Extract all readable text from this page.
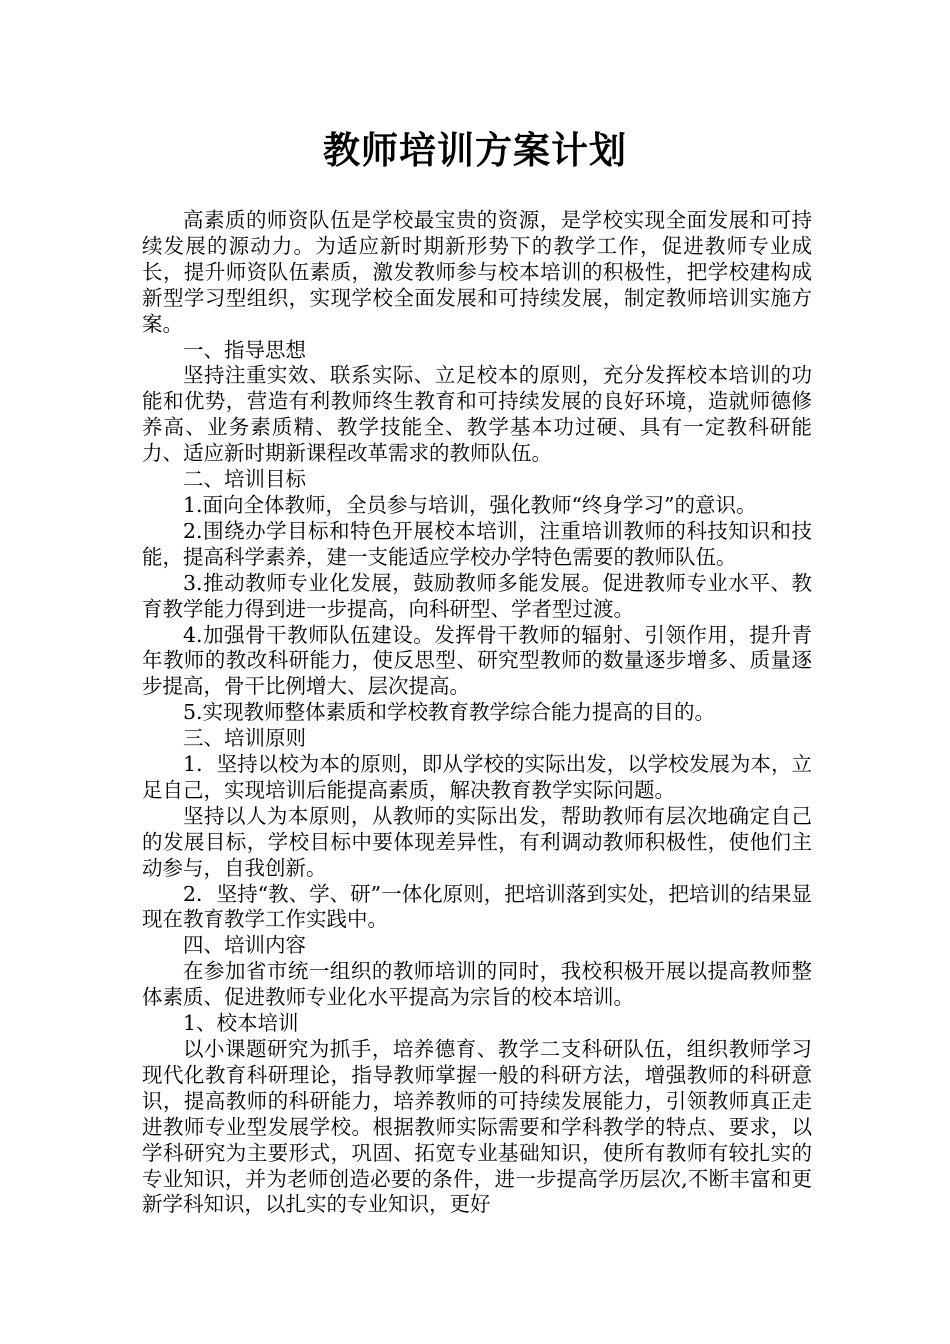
教师培训方案计划

高素质的师资队伍是学校最宝贵的资源，是学校实现全面发展和可持续发展的源动力。为适应新时期新形势下的教学工作，促进教师专业成长，提升师资队伍素质，激发教师参与校本培训的积极性，把学校建构成新型学习型组织，实现学校全面发展和可持续发展，制定教师培训实施方案。

一、指导思想

坚持注重实效、联系实际、立足校本的原则，充分发挥校本培训的功能和优势，营造有利教师终生教育和可持续发展的良好环境，造就师德修养高、业务素质精、教学技能全、教学基本功过硬、具有一定教科研能力、适应新时期新课程改革需求的教师队伍。

二、培训目标

1.面向全体教师，全员参与培训，强化教师“终身学习”的意识。

2.围绕办学目标和特色开展校本培训，注重培训教师的科技知识和技能，提高科学素养，建一支能适应学校办学特色需要的教师队伍。

3.推动教师专业化发展，鼓励教师多能发展。促进教师专业水平、教育教学能力得到进一步提高，向科研型、学者型过渡。

4.加强骨干教师队伍建设。发挥骨干教师的辐射、引领作用，提升青年教师的教改科研能力，使反思型、研究型教师的数量逐步增多、质量逐步提高，骨干比例增大、层次提高。

5.实现教师整体素质和学校教育教学综合能力提高的目的。

三、培训原则

1．坚持以校为本的原则，即从学校的实际出发，以学校发展为本，立足自己，实现培训后能提高素质，解决教育教学实际问题。

坚持以人为本原则，从教师的实际出发，帮助教师有层次地确定自己的发展目标，学校目标中要体现差异性，有利调动教师积极性，使他们主动参与，自我创新。

2．坚持“教、学、研”一体化原则，把培训落到实处，把培训的结果显现在教育教学工作实践中。

四、培训内容

在参加省市统一组织的教师培训的同时，我校积极开展以提高教师整体素质、促进教师专业化水平提高为宗旨的校本培训。

1、校本培训

以小课题研究为抓手，培养德育、教学二支科研队伍，组织教师学习现代化教育科研理论，指导教师掌握一般的科研方法，增强教师的科研意识，提高教师的科研能力，培养教师的可持续发展能力，引领教师真正走进教师专业型发展学校。根据教师实际需要和学科教学的特点、要求，以学科研究为主要形式，巩固、拓宽专业基础知识，使所有教师有较扎实的专业知识，并为老师创造必要的条件，进一步提高学历层次,不断丰富和更新学科知识，以扎实的专业知识，更好
